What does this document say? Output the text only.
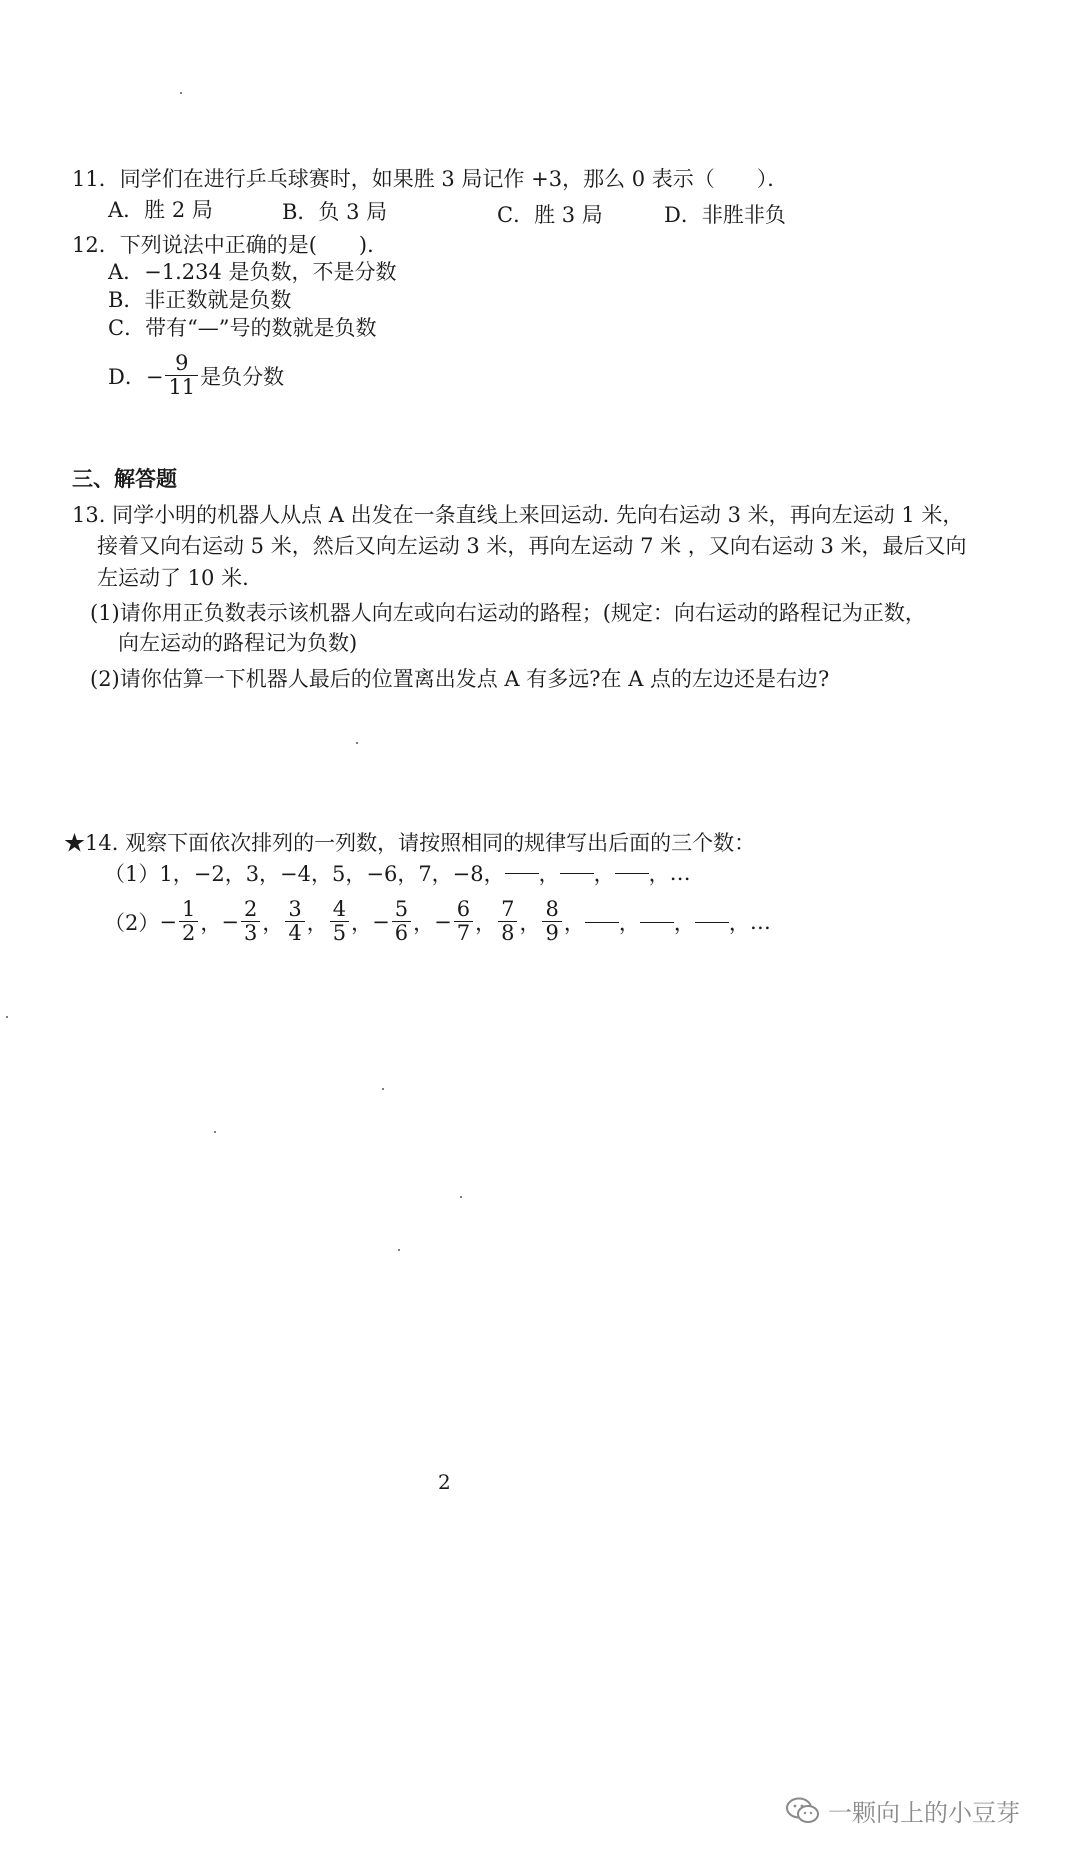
11．同学们在进行乒乓球赛时，如果胜 3 局记作 +3，那么 0 表示（　　）．
A．胜 2 局	B．负 3 局	C．胜 3 局	D．非胜非负
12．下列说法中正确的是(　　)．
A．−1.234 是负数，不是分数
B．非正数就是负数
C．带有“—”号的数就是负数
D．− $\frac{9}{11}$ 是负分数
三、解答题
13. 同学小明的机器人从点 A 出发在一条直线上来回运动. 先向右运动 3 米，再向左运动 1 米，
接着又向右运动 5 米，然后又向左运动 3 米，再向左运动 7 米 ，又向右运动 3 米，最后又向
左运动了 10 米.
(1)请你用正负数表示该机器人向左或向右运动的路程；(规定：向右运动的路程记为正数，
向左运动的路程记为负数)
(2)请你估算一下机器人最后的位置离出发点 A 有多远?在 A 点的左边还是右边?
★14. 观察下面依次排列的一列数，请按照相同的规律写出后面的三个数：
（1） 1，−2，3，−4，5，−6，7，−8， ， ， ， …
$(2) - \frac{1}{2}$ ， − $\frac{2}{3}$ ， $\frac{3}{4}$ ， $\frac{4}{5}$ ， − $\frac{5}{6}$ ， − $\frac{6}{7}$ ， $\frac{7}{8}$ ， $\frac{8}{9}$ ， ， ， ， …
2
一颗向上的小豆芽
